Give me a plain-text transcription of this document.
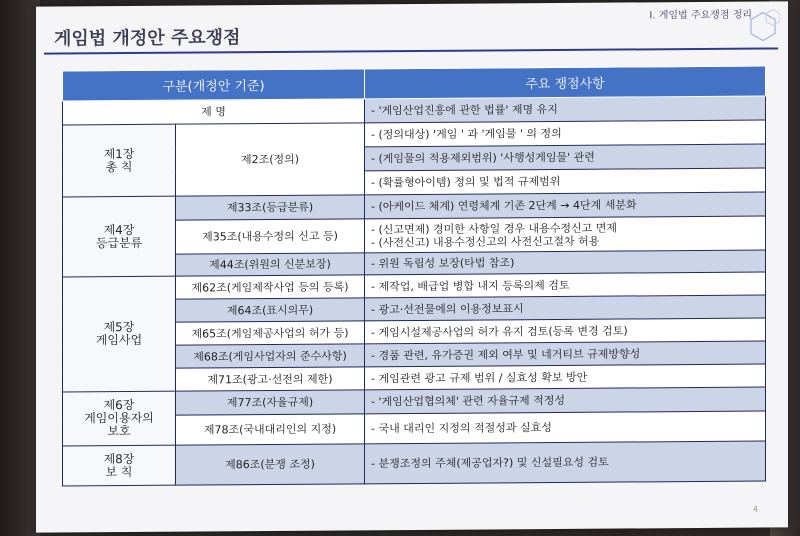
게임법 개정안 주요쟁점
Ⅰ. 게임법 주요쟁점 정리
구분(개정안 기준)		주요 쟁점사항
제 명		- '게임산업진흥에 관한 법률' 제명 유지

제1장
총 칙	제2조(정의)	- (정의대상) '게임 ' 과 '게임물 ' 의 정의
		- (게임물의 적용제외범위) '사행성게임물' 관련
		- (확률형아이템) 정의 및 법적 규제범위

제4장
등급분류	제33조(등급분류)	- (아케이드 체계) 연령체계 기존 2단계 → 4단계 세분화
	제35조(내용수정의 신고 등)	- (신고면제) 경미한 사항일 경우 내용수정신고 면제
- (사전신고) 내용수정신고의 사전신고절차 허용

	제44조(위원의 신분보장)	- 위원 독립성 보장(타법 참조)

제5장
게임사업	제62조(게임제작사업 등의 등록)	- 제작업, 배급업 병합 내지 등록의제 검토
	제64조(표시의무)	- 광고·선전물에의 이용정보표시
	제65조(게임제공사업의 허가 등)	- 게임시설제공사업의 허가 유지 검토(등록 변경 검토)
	제68조(게임사업자의 준수사항)	- 경품 관련, 유가증권 제외 여부 및 네거티브 규제방향성
	제71조(광고·선전의 제한)	- 게임관련 광고 규제 범위 / 실효성 확보 방안

제6장
게임이용자의
보호	제77조(자율규제)	- '게임산업협의체' 관련 자율규제 적정성
	제78조(국내대리인의 지정)	- 국내 대리인 지정의 적절성과 실효성

제8장
보 칙	제86조(분쟁 조정)	- 분쟁조정의 주체(제공업자?) 및 신설필요성 검토
4
